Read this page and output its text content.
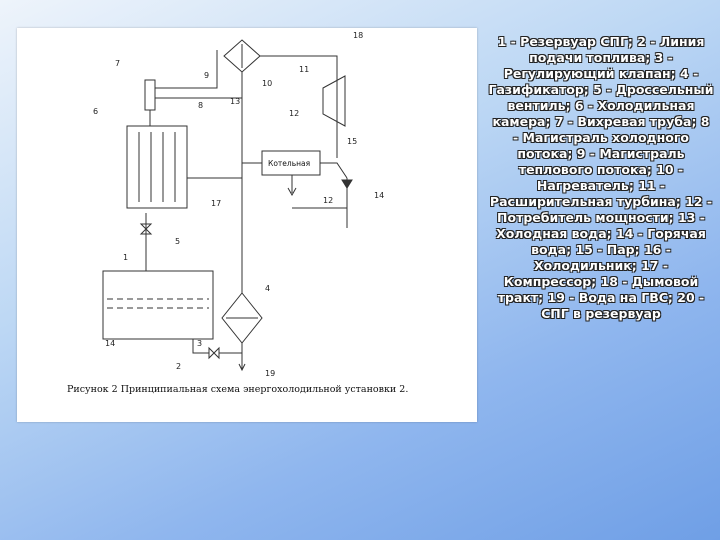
Котельная
1
2
3
4
5
6
7
8
9
10
11
12
12
13
14
14
15
17
18
19
Рисунок 2 Принципиальная схема энергохолодильной установки 2.
1 - Резервуар СПГ; 2 - Линия подачи топлива; 3 - Регулирующий клапан; 4 - Газификатор; 5 - Дроссельный вентиль; 6 - Холодильная камера; 7 - Вихревая труба; 8 - Магистраль холодного потока; 9 - Магистраль теплового потока; 10 - Нагреватель; 11 - Расширительная турбина; 12 - Потребитель мощности; 13 - Холодная вода; 14 - Горячая вода; 15 - Пар; 16 - Холодильник; 17 - Компрессор; 18 - Дымовой тракт; 19 - Вода на ГВС; 20 - СПГ в резервуар
